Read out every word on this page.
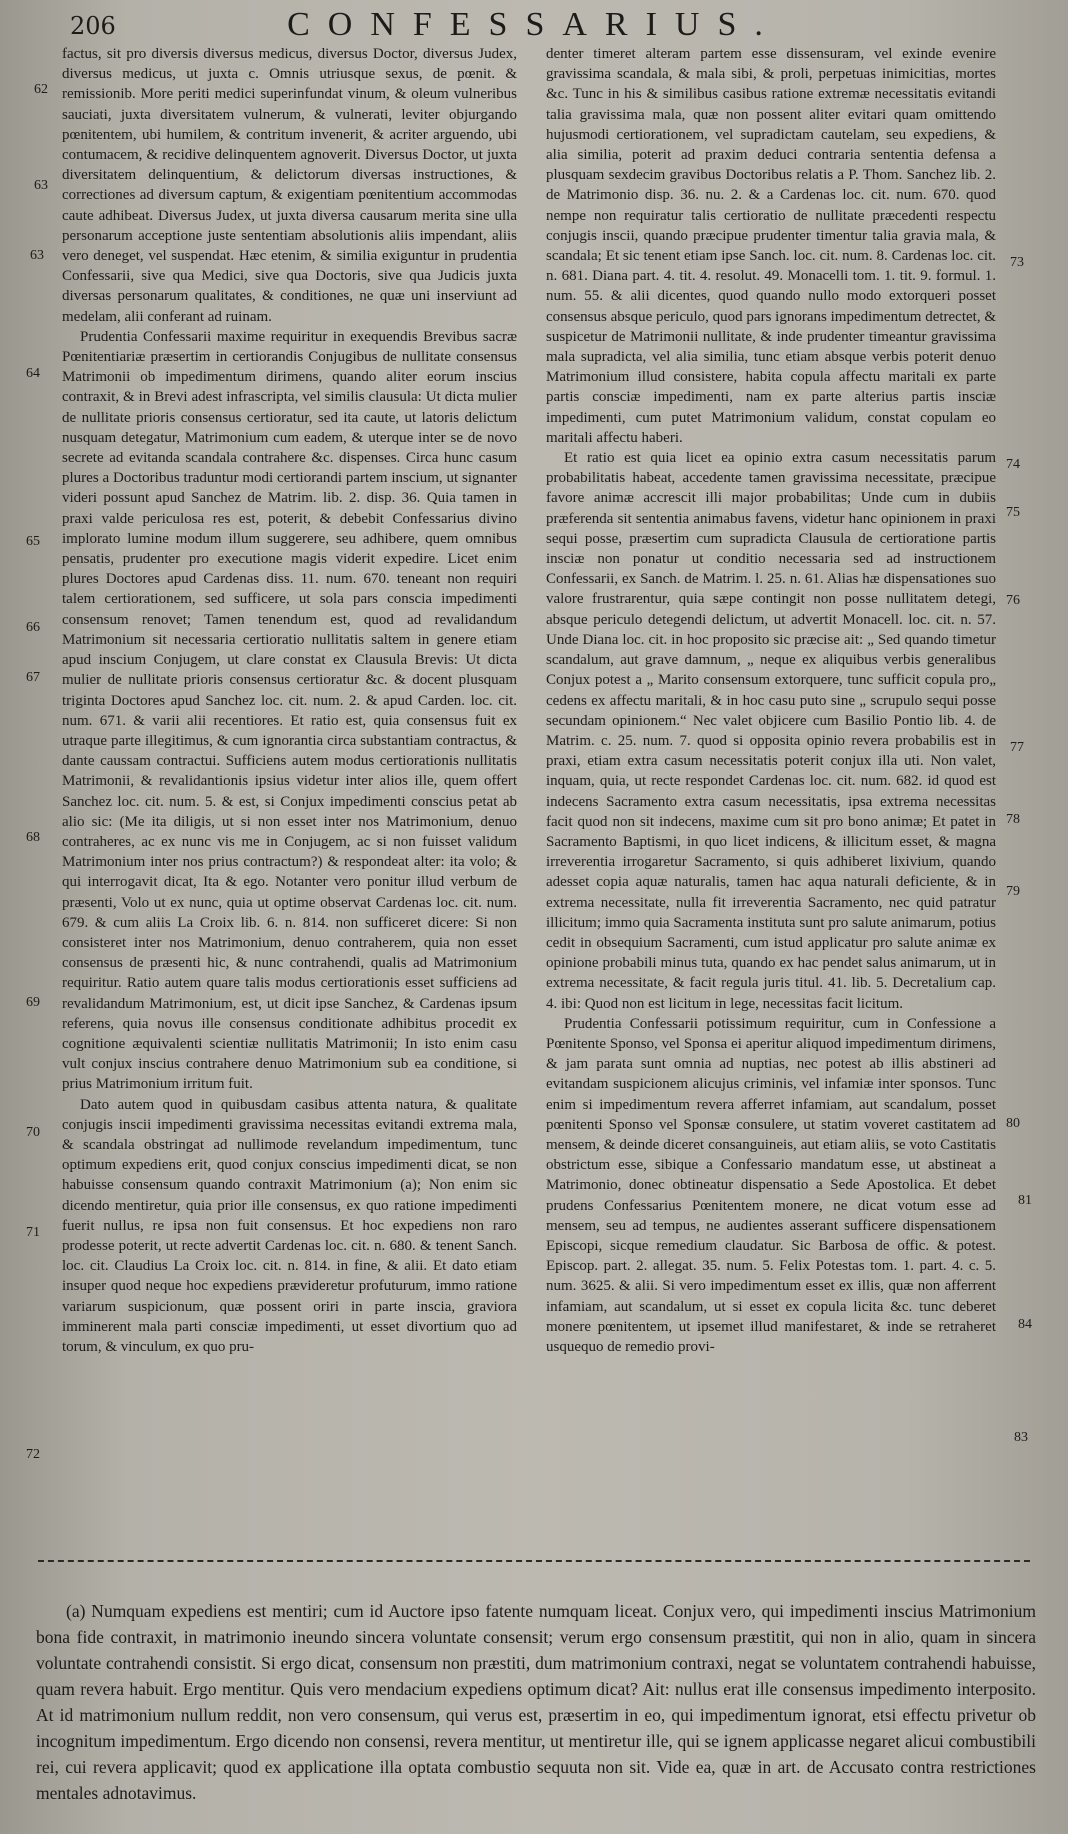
206	CONFESSARIUS.

factus, sit pro diversis diversus medicus, diversus Doctor, diversus Judex, diversus medicus, ut juxta c. Omnis utriusque sexus, de pœnit. & remissionib. More periti medici superinfundat vinum, & oleum vulneribus sauciati, juxta diversitatem vulnerum, & vulnerati, leviter objurgando pœnitentem, ubi humilem, & contritum invenerit, & acriter arguendo, ubi contumacem, & recidive delinquentem agnoverit. Diversus Doctor, ut juxta diversitatem delinquentium, & delictorum diversas instructiones, & correctiones ad diversum captum, & exigentiam pœnitentium accommodas caute adhibeat. Diversus Judex, ut juxta diversa causarum merita sine ulla personarum acceptione juste sententiam absolutionis aliis impendant, aliis vero deneget, vel suspendat. Hæc etenim, & similia exiguntur in prudentia Confessarii, sive qua Medici, sive qua Doctoris, sive qua Judicis juxta diversas personarum qualitates, & conditiones, ne quæ uni inserviunt ad medelam, alii conferant ad ruinam.

Prudentia Confessarii maxime requiritur in exequendis Brevibus sacræ Pœnitentiariæ præsertim in certiorandis Conjugibus de nullitate consensus Matrimonii ob impedimentum dirimens, quando aliter eorum inscius contraxit, & in Brevi adest infrascripta, vel similis clausula: Ut dicta mulier de nullitate prioris consensus certioratur, sed ita caute, ut latoris delictum nusquam detegatur, Matrimonium cum eadem, & uterque inter se de novo secrete ad evitanda scandala contrahere &c. dispenses. Circa hunc casum plures a Doctoribus traduntur modi certiorandi partem inscium, ut signanter videri possunt apud Sanchez de Matrim. lib. 2. disp. 36. Quia tamen in praxi valde periculosa res est, poterit, & debebit Confessarius divino implorato lumine modum illum suggerere, seu adhibere, quem omnibus pensatis, prudenter pro executione magis viderit expedire. Licet enim plures Doctores apud Cardenas diss. 11. num. 670. teneant non requiri talem certiorationem, sed sufficere, ut sola pars conscia impedimenti consensum renovet; Tamen tenendum est, quod ad revalidandum Matrimonium sit necessaria certioratio nullitatis saltem in genere etiam apud inscium Conjugem, ut clare constat ex Clausula Brevis: Ut dicta mulier de nullitate prioris consensus certioratur &c. & docent plusquam triginta Doctores apud Sanchez loc. cit. num. 2. & apud Carden. loc. cit. num. 671. & varii alii recentiores. Et ratio est, quia consensus fuit ex utraque parte illegitimus, & cum ignorantia circa substantiam contractus, & dante caussam contractui. Sufficiens autem modus certiorationis nullitatis Matrimonii, & revalidantionis ipsius videtur inter alios ille, quem offert Sanchez loc. cit. num. 5. & est, si Conjux impedimenti conscius petat ab alio sic: (Me ita diligis, ut si non esset inter nos Matrimonium, denuo contraheres, ac ex nunc vis me in Conjugem, ac si non fuisset validum Matrimonium inter nos prius contractum?) & respondeat alter: ita volo; & qui interrogavit dicat, Ita & ego. Notanter vero ponitur illud verbum de præsenti, Volo ut ex nunc, quia ut optime observat Cardenas loc. cit. num. 679. & cum aliis La Croix lib. 6. n. 814. non sufficeret dicere: Si non consisteret inter nos Matrimonium, denuo contraherem, quia non esset consensus de præsenti hic, & nunc contrahendi, qualis ad Matrimonium requiritur. Ratio autem quare talis modus certiorationis esset sufficiens ad revalidandum Matrimonium, est, ut dicit ipse Sanchez, & Cardenas ipsum referens, quia novus ille consensus conditionate adhibitus procedit ex cognitione æquivalenti scientiæ nullitatis Matrimonii; In isto enim casu vult conjux inscius contrahere denuo Matrimonium sub ea conditione, si prius Matrimonium irritum fuit.

Dato autem quod in quibusdam casibus attenta natura, & qualitate conjugis inscii impedimenti gravissima necessitas evitandi extrema mala, & scandala obstringat ad nullimode revelandum impedimentum, tunc optimum expediens erit, quod conjux conscius impedimenti dicat, se non habuisse consensum quando contraxit Matrimonium (a); Non enim sic dicendo mentiretur, quia prior ille consensus, ex quo ratione impedimenti fuerit nullus, re ipsa non fuit consensus. Et hoc expediens non raro prodesse poterit, ut recte advertit Cardenas loc. cit. n. 680. & tenent Sanch. loc. cit. Claudius La Croix loc. cit. n. 814. in fine, & alii. Et dato etiam insuper quod neque hoc expediens prævideretur profuturum, immo ratione variarum suspicionum, quæ possent oriri in parte inscia, graviora imminerent mala parti consciæ impedimenti, ut esset divortium quo ad torum, & vinculum, ex quo pru-

denter timeret alteram partem esse dissensuram, vel exinde evenire gravissima scandala, & mala sibi, & proli, perpetuas inimicitias, mortes &c. Tunc in his & similibus casibus ratione extremæ necessitatis evitandi talia gravissima mala, quæ non possent aliter evitari quam omittendo hujusmodi certiorationem, vel supradictam cautelam, seu expediens, & alia similia, poterit ad praxim deduci contraria sententia defensa a plusquam sexdecim gravibus Doctoribus relatis a P. Thom. Sanchez lib. 2. de Matrimonio disp. 36. nu. 2. & a Cardenas loc. cit. num. 670. quod nempe non requiratur talis certioratio de nullitate præcedenti respectu conjugis inscii, quando præcipue prudenter timentur talia gravia mala, & scandala; Et sic tenent etiam ipse Sanch. loc. cit. num. 8. Cardenas loc. cit. n. 681. Diana part. 4. tit. 4. resolut. 49. Monacelli tom. 1. tit. 9. formul. 1. num. 55. & alii dicentes, quod quando nullo modo extorqueri posset consensus absque periculo, quod pars ignorans impedimentum detrectet, & suspicetur de Matrimonii nullitate, & inde prudenter timeantur gravissima mala supradicta, vel alia similia, tunc etiam absque verbis poterit denuo Matrimonium illud consistere, habita copula affectu maritali ex parte partis consciæ impedimenti, nam ex parte alterius partis insciæ impedimenti, cum putet Matrimonium validum, constat copulam eo maritali affectu haberi.

Et ratio est quia licet ea opinio extra casum necessitatis parum probabilitatis habeat, accedente tamen gravissima necessitate, præcipue favore animæ accrescit illi major probabilitas; Unde cum in dubiis præferenda sit sententia animabus favens, videtur hanc opinionem in praxi sequi posse, præsertim cum supradicta Clausula de certioratione partis insciæ non ponatur ut conditio necessaria sed ad instructionem Confessarii, ex Sanch. de Matrim. l. 25. n. 61. Alias hæ dispensationes suo valore frustrarentur, quia sæpe contingit non posse nullitatem detegi, absque periculo detegendi delictum, ut advertit Monacell. loc. cit. n. 57. Unde Diana loc. cit. in hoc proposito sic præcise ait: „ Sed quando timetur scandalum, aut grave damnum, „ neque ex aliquibus verbis generalibus Conjux potest a „ Marito consensum extorquere, tunc sufficit copula pro„ cedens ex affectu maritali, & in hoc casu puto sine „ scrupulo sequi posse secundam opinionem.“ Nec valet objicere cum Basilio Pontio lib. 4. de Matrim. c. 25. num. 7. quod si opposita opinio revera probabilis est in praxi, etiam extra casum necessitatis poterit conjux illa uti. Non valet, inquam, quia, ut recte respondet Cardenas loc. cit. num. 682. id quod est indecens Sacramento extra casum necessitatis, ipsa extrema necessitas facit quod non sit indecens, maxime cum sit pro bono animæ; Et patet in Sacramento Baptismi, in quo licet indicens, & illicitum esset, & magna irreverentia irrogaretur Sacramento, si quis adhiberet lixivium, quando adesset copia aquæ naturalis, tamen hac aqua naturali deficiente, & in extrema necessitate, nulla fit irreverentia Sacramento, nec quid patratur illicitum; immo quia Sacramenta instituta sunt pro salute animarum, potius cedit in obsequium Sacramenti, cum istud applicatur pro salute animæ ex opinione probabili minus tuta, quando ex hac pendet salus animarum, ut in extrema necessitate, & facit regula juris titul. 41. lib. 5. Decretalium cap. 4. ibi: Quod non est licitum in lege, necessitas facit licitum.

Prudentia Confessarii potissimum requiritur, cum in Confessione a Pœnitente Sponso, vel Sponsa ei aperitur aliquod impedimentum dirimens, & jam parata sunt omnia ad nuptias, nec potest ab illis abstineri ad evitandam suspicionem alicujus criminis, vel infamiæ inter sponsos. Tunc enim si impedimentum revera afferret infamiam, aut scandalum, posset pœnitenti Sponso vel Sponsæ consulere, ut statim voveret castitatem ad mensem, & deinde diceret consanguineis, aut etiam aliis, se voto Castitatis obstrictum esse, sibique a Confessario mandatum esse, ut abstineat a Matrimonio, donec obtineatur dispensatio a Sede Apostolica. Et debet prudens Confessarius Pœnitentem monere, ne dicat votum esse ad mensem, seu ad tempus, ne audientes asserant sufficere dispensationem Episcopi, sicque remedium claudatur. Sic Barbosa de offic. & potest. Episcop. part. 2. allegat. 35. num. 5. Felix Potestas tom. 1. part. 4. c. 5. num. 3625. & alii. Si vero impedimentum esset ex illis, quæ non afferrent infamiam, aut scandalum, ut si esset ex copula licita &c. tunc deberet monere pœnitentem, ut ipsemet illud manifestaret, & inde se retraheret usquequo de remedio provi-

62
63
63
64
65
66
67
68
69
70
71
72
73
74
75
76
77
78
79
80
81
84
83

(a) Numquam expediens est mentiri; cum id Auctore ipso fatente numquam liceat. Conjux vero, qui impedimenti inscius Matrimonium bona fide contraxit, in matrimonio ineundo sincera voluntate consensit; verum ergo consensum præstitit, qui non in alio, quam in sincera voluntate contrahendi consistit. Si ergo dicat, consensum non præstiti, dum matrimonium contraxi, negat se voluntatem contrahendi habuisse, quam revera habuit. Ergo mentitur. Quis vero mendacium expediens optimum dicat? Ait: nullus erat ille consensus impedimento interposito. At id matrimonium nullum reddit, non vero consensum, qui verus est, præsertim in eo, qui impedimentum ignorat, etsi effectu privetur ob incognitum impedimentum. Ergo dicendo non consensi, revera mentitur, ut mentiretur ille, qui se ignem applicasse negaret alicui combustibili rei, cui revera applicavit; quod ex applicatione illa optata combustio sequuta non sit. Vide ea, quæ in art. de Accusato contra restrictiones mentales adnotavimus.
